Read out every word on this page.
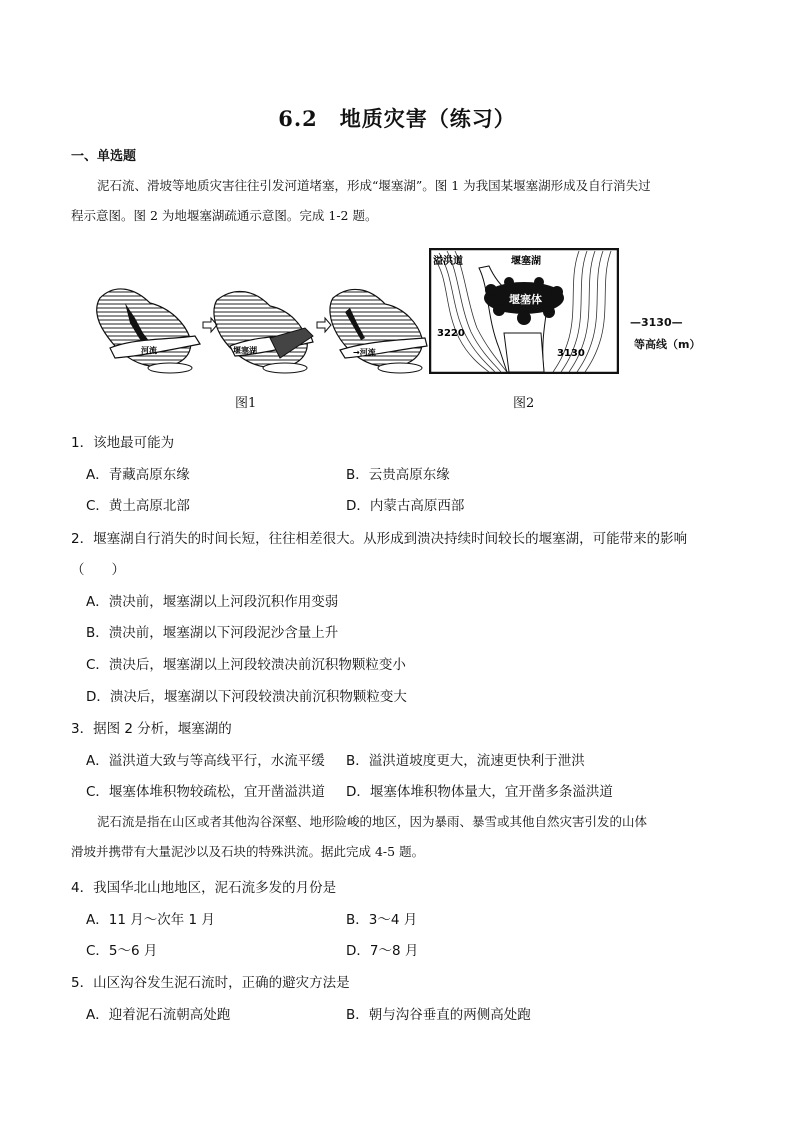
6.2　地质灾害（练习）
一、单选题
泥石流、滑坡等地质灾害往往引发河道堵塞，形成“堰塞湖”。图 1 为我国某堰塞湖形成及自行消失过
程示意图。图 2 为地堰塞湖疏通示意图。完成 1-2 题。
河流	堰塞湖	→河流
图1
溢洪道	堰塞湖
堰塞体
3220
3130
—3130—
等高线（m）
图2
1．该地最可能为
A．青藏高原东缘	B．云贵高原东缘
C．黄土高原北部	D．内蒙古高原西部
2．堰塞湖自行消失的时间长短，往往相差很大。从形成到溃决持续时间较长的堰塞湖，可能带来的影响
（　　）
A．溃决前，堰塞湖以上河段沉积作用变弱
B．溃决前，堰塞湖以下河段泥沙含量上升
C．溃决后，堰塞湖以上河段较溃决前沉积物颗粒变小
D．溃决后，堰塞湖以下河段较溃决前沉积物颗粒变大
3．据图 2 分析，堰塞湖的
A．溢洪道大致与等高线平行，水流平缓 B．溢洪道坡度更大，流速更快利于泄洪
C．堰塞体堆积物较疏松，宜开凿溢洪道 D．堰塞体堆积物体量大，宜开凿多条溢洪道
泥石流是指在山区或者其他沟谷深壑、地形险峻的地区，因为暴雨、暴雪或其他自然灾害引发的山体
滑坡并携带有大量泥沙以及石块的特殊洪流。据此完成 4-5 题。
4．我国华北山地地区，泥石流多发的月份是
A．11 月～次年 1 月	B．3～4 月
C．5～6 月	D．7～8 月
5．山区沟谷发生泥石流时，正确的避灾方法是
A．迎着泥石流朝高处跑	B．朝与沟谷垂直的两侧高处跑
